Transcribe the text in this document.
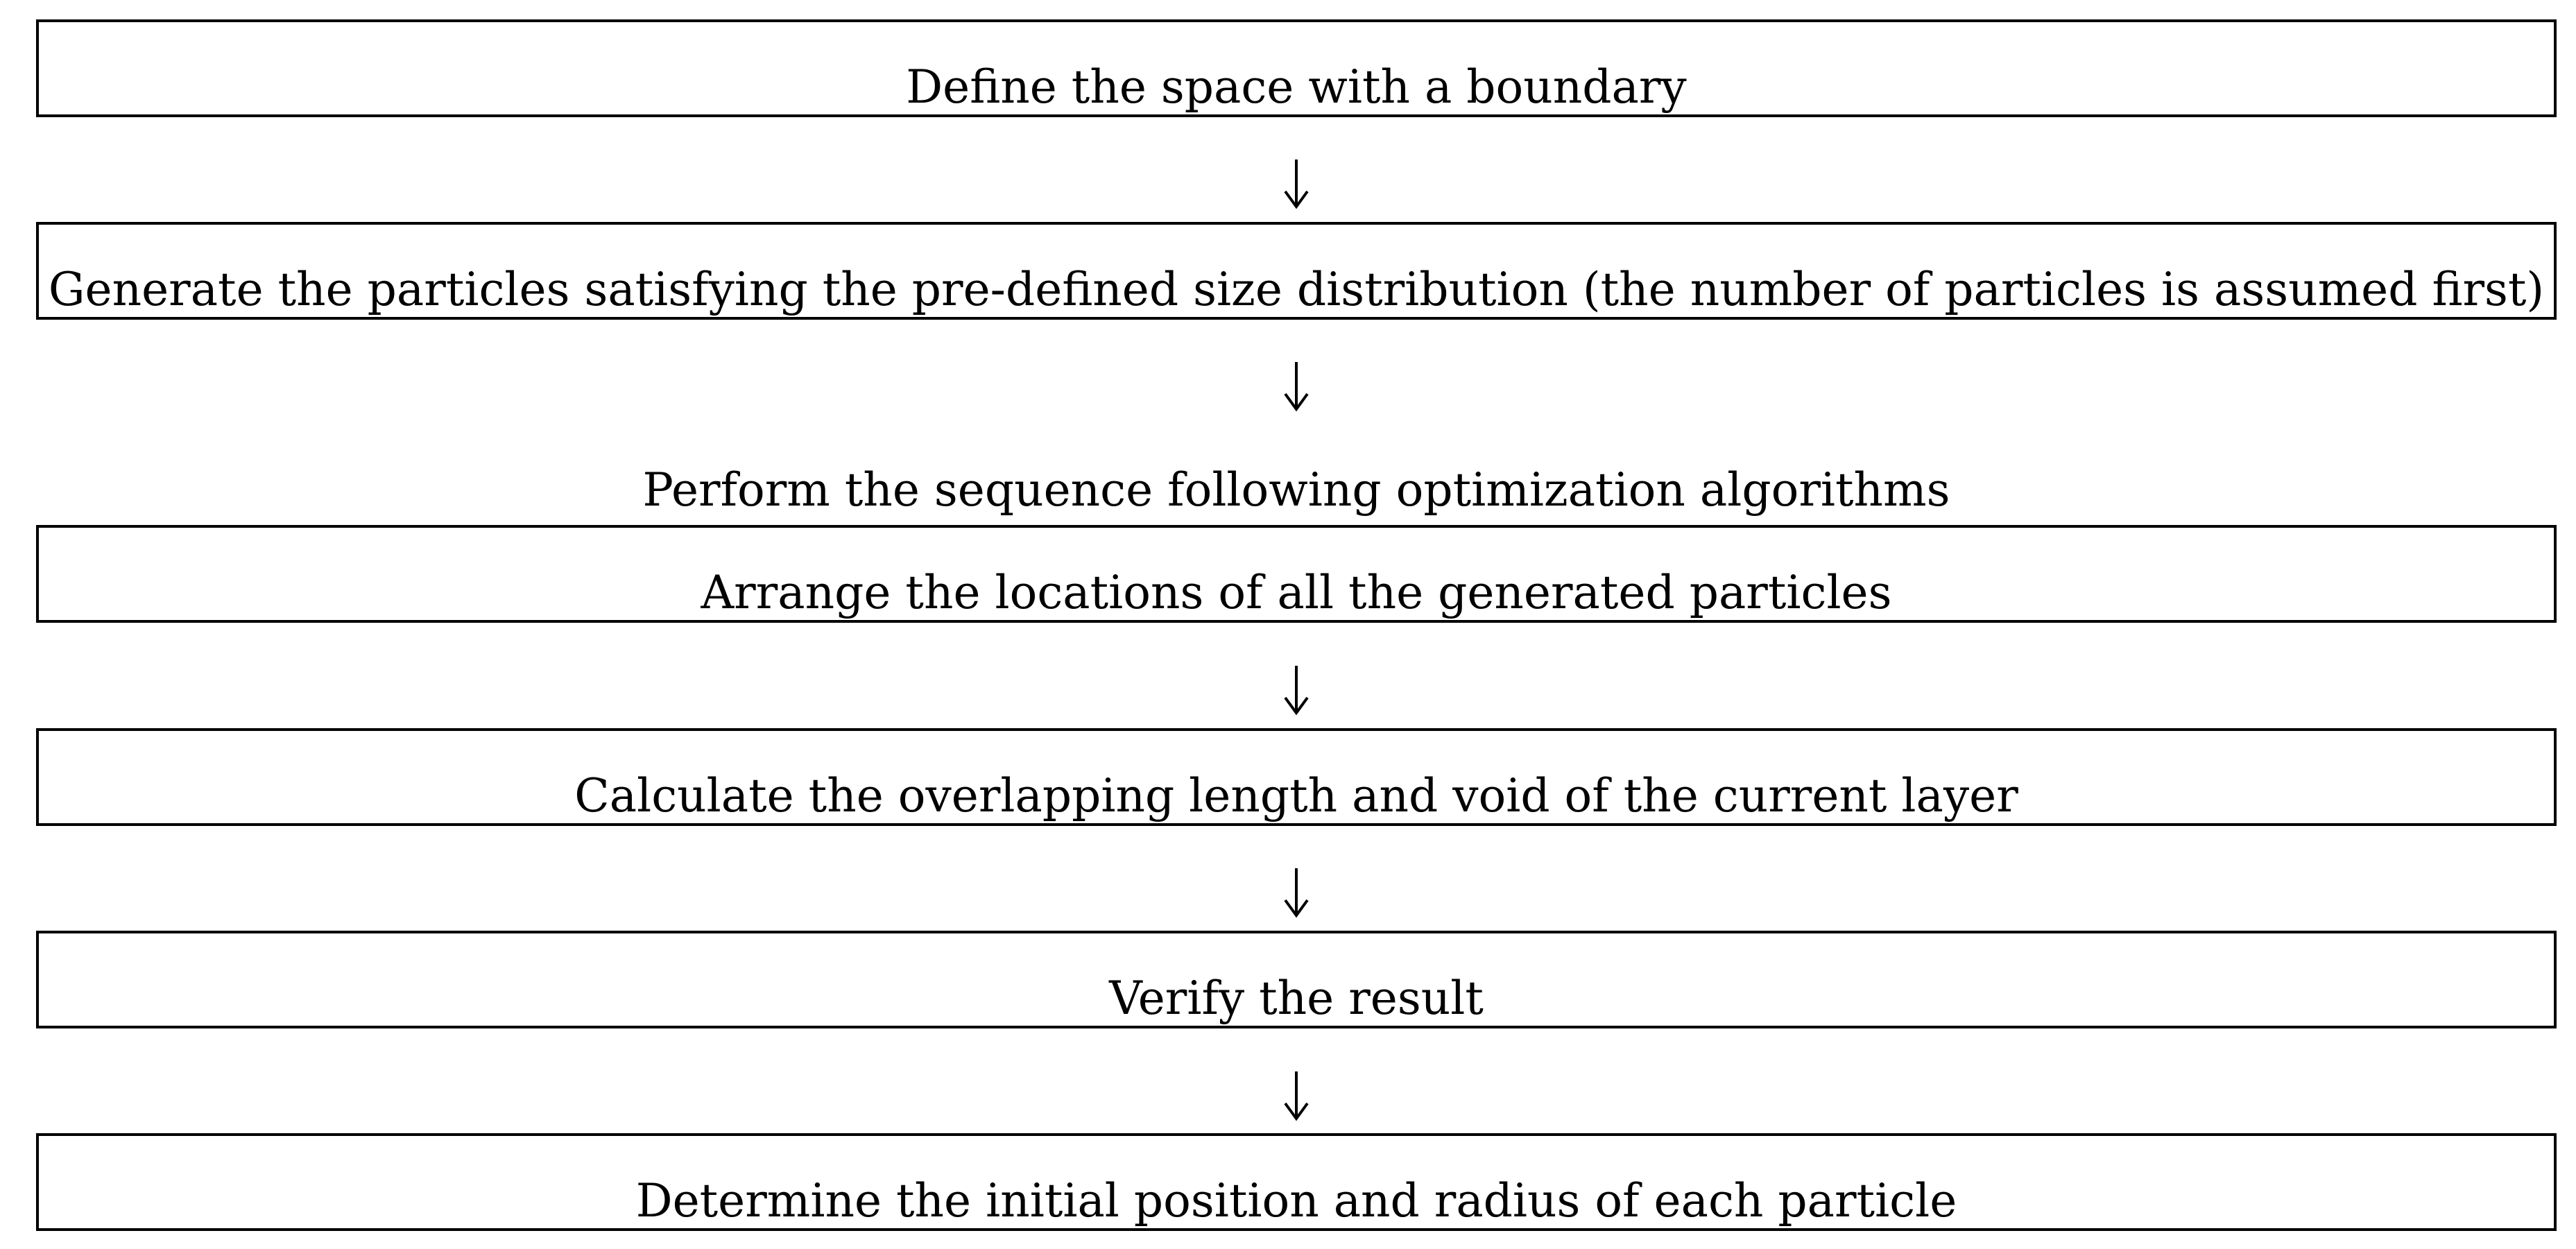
Define the space with a boundary
Generate the particles satisfying the pre-defined size distribution (the number of particles is assumed first)
Perform the sequence following optimization algorithms
Arrange the locations of all the generated particles
Calculate the overlapping length and void of the current layer
Verify the result
Determine the initial position and radius of each particle
